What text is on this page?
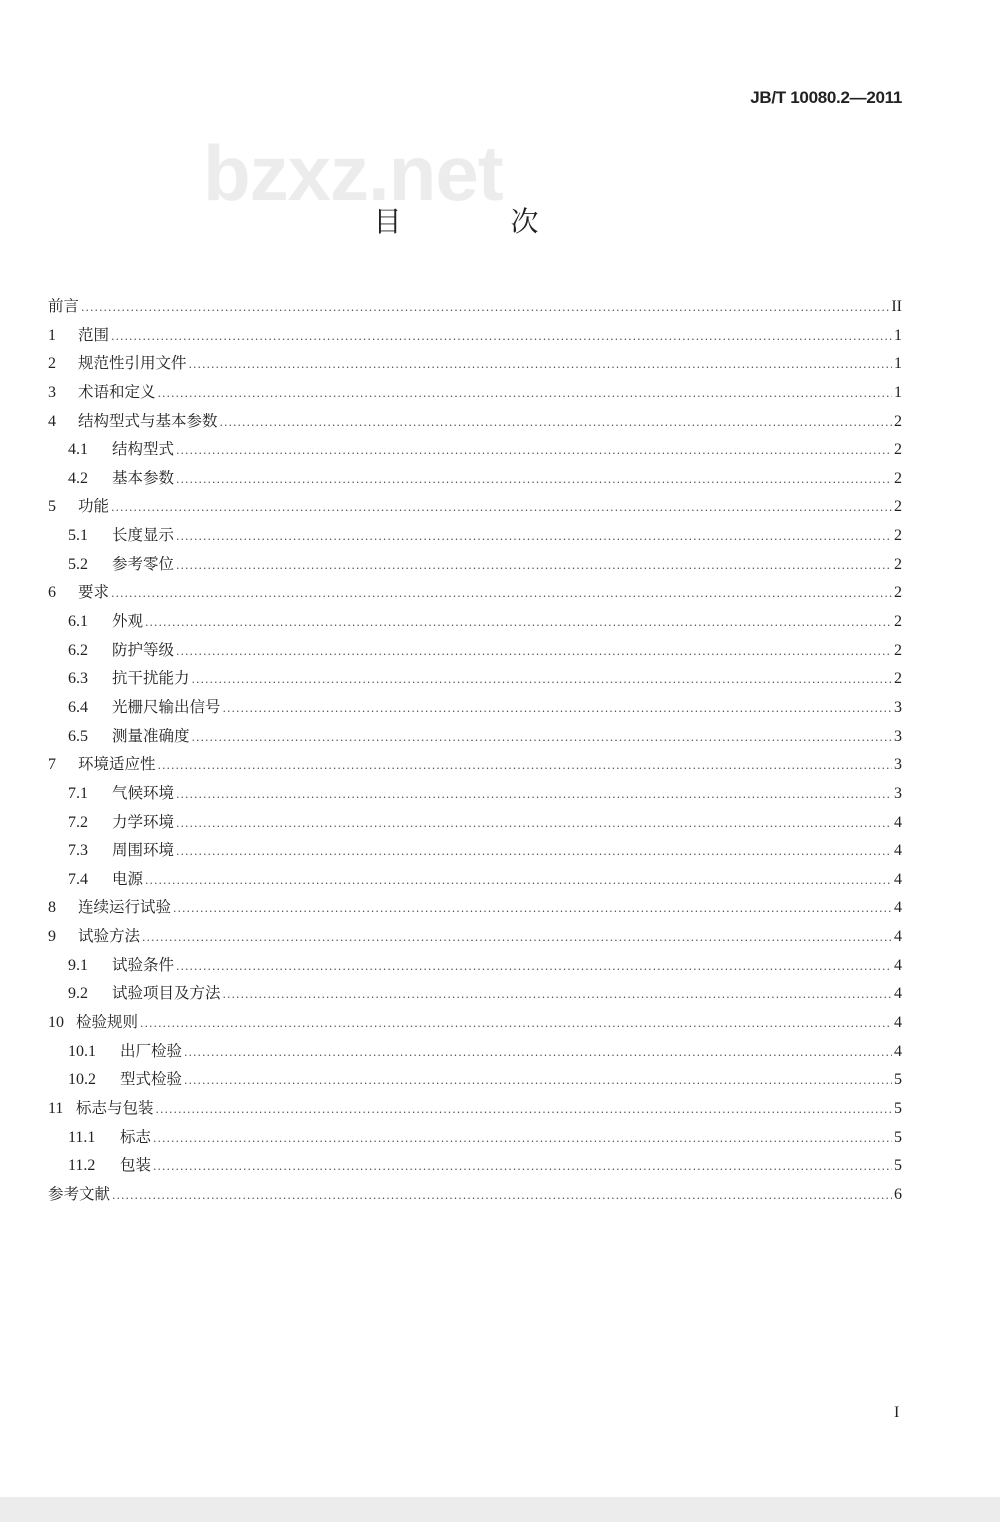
bzxz.net
JB/T 10080.2—2011
目 次
前言 .....	II
1	范围 .....	1
2	规范性引用文件 .....	1
3	术语和定义 .....	1
4	结构型式与基本参数 .....	2
4.1	结构型式 .....	2
4.2	基本参数 .....	2
5	功能 .....	2
5.1	长度显示 .....	2
5.2	参考零位 .....	2
6	要求 .....	2
6.1	外观 .....	2
6.2	防护等级 .....	2
6.3	抗干扰能力 .....	2
6.4	光栅尺输出信号 .....	3
6.5	测量准确度 .....	3
7	环境适应性 .....	3
7.1	气候环境 .....	3
7.2	力学环境 .....	4
7.3	周围环境 .....	4
7.4	电源 .....	4
8	连续运行试验 .....	4
9	试验方法 .....	4
9.1	试验条件 .....	4
9.2	试验项目及方法 .....	4
10 检验规则 .....	4
10.1	出厂检验 .....	4
10.2	型式检验 .....	5
11 标志与包装 .....	5
11.1	标志 .....	5
11.2	包装 .....	5
参考文献 .....	6
I
